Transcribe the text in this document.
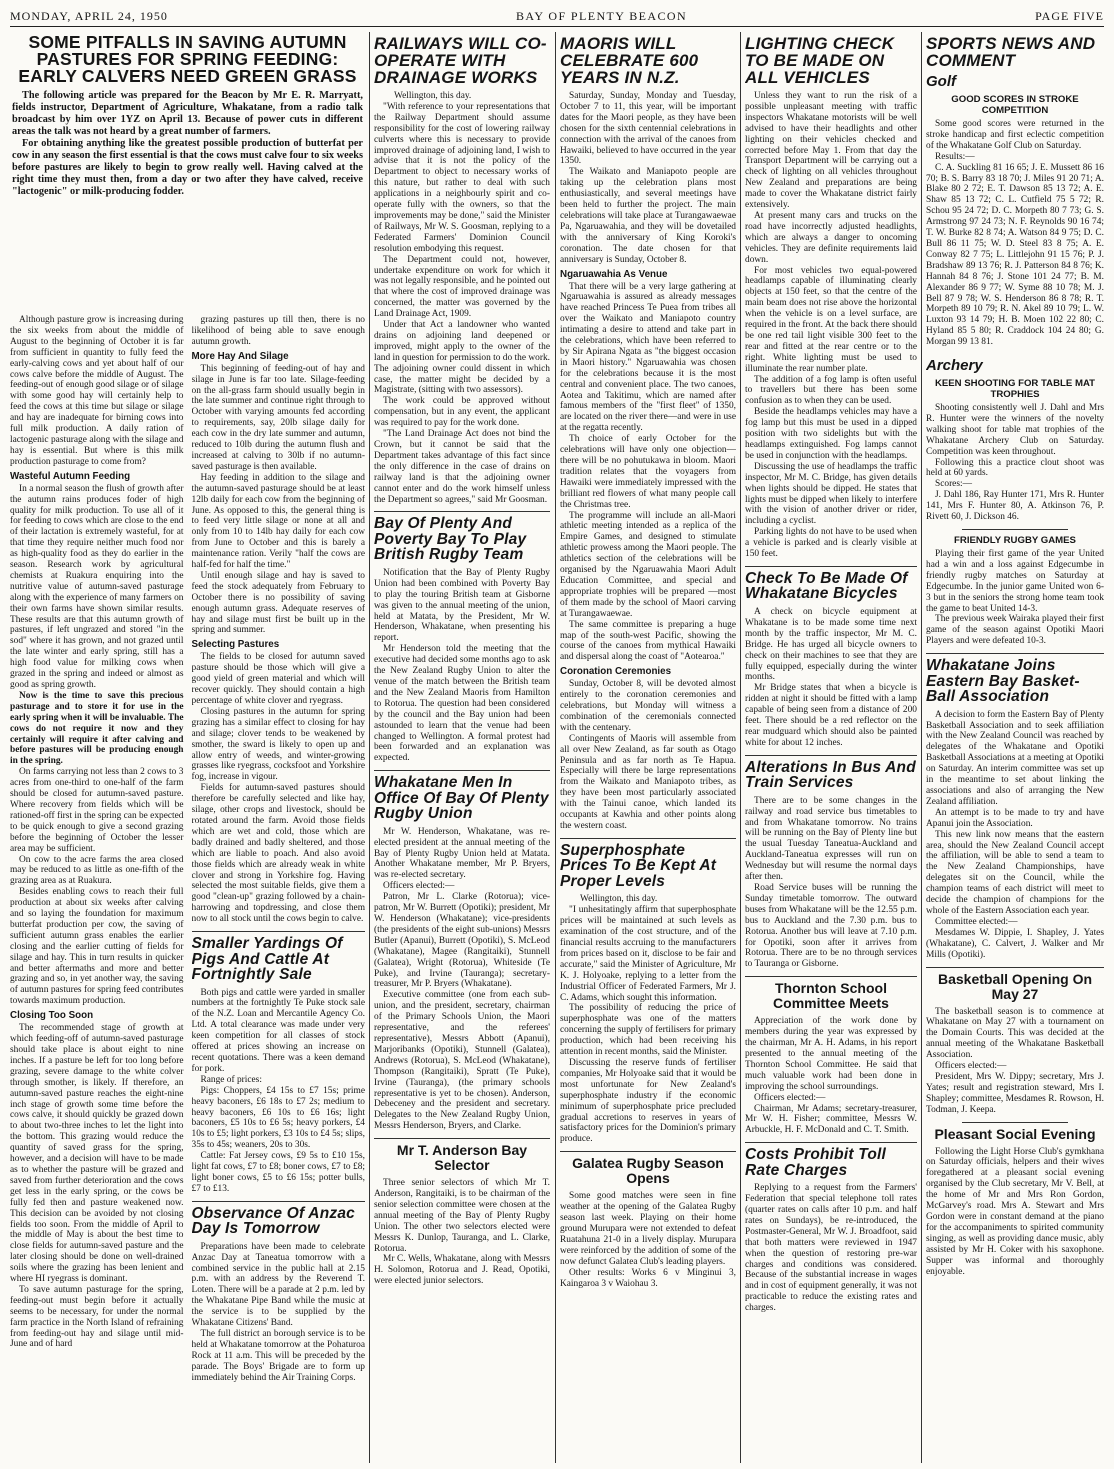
MONDAY, APRIL 24, 1950	BAY OF PLENTY BEACON	PAGE FIVE
SOME PITFALLS IN SAVING AUTUMN PASTURES FOR SPRING FEEDING: EARLY CALVERS NEED GREEN GRASS

The following article was prepared for the Beacon by Mr E. R. Marryatt, fields instructor, Department of Agriculture, Whakatane, from a radio talk broadcast by him over 1YZ on April 13. Because of power cuts in different areas the talk was not heard by a great number of farmers.

For obtaining anything like the greatest possible production of butterfat per cow in any season the first essential is that the cows must calve four to six weeks before pastures are likely to begin to grow really well. Having calved at the right time they must then, from a day or two after they have calved, receive "lactogenic" or milk-producing fodder.

Although pasture grow is increasing during the six weeks from about the middle of August to the beginning of October it is far from sufficient in quantity to fully feed the early-calving cows and yet about half of our cows calve before the middle of August. The feeding-out of enough good silage or of silage with some good hay will certainly help to feed the cows at this time but silage or silage and hay are inadequate for birning cows into full milk production. A daily ration of lactogenic pasturage along with the silage and hay is essential. But where is this milk production pasturage to come from?

Wasteful Autumn Feeding

In a normal season the flush of growth after the autumn rains produces foder of high quality for milk production. To use all of it for feeding to cows which are close to the end of their lactation is extremely wasteful, for at that time they require neither much food nor as high-quality food as they do earlier in the season. Research work by agricultural chemists at Ruakura enquiring into the nutritive value of autumn-saved pasturage along with the experience of many farmers on their own farms have shown similar results. These results are that this autumn growth of pastures, if left ungrazed and stored "in the sod" where it has grown, and not grazed until the late winter and early spring, still has a high food value for milking cows when grazed in the spring and indeed or almost as good as spring growth.

Now is the time to save this precious pasturage and to store it for use in the early spring when it will be invaluable. The cows do not require it now and they certainly will require it after calving and before pastures will be producing enough in the spring.

On farms carrying not less than 2 cows to 3 acres from one-third to one-half of the farm should be closed for autumn-saved pasture. Where recovery from fields which will be rationed-off first in the spring can be expected to be quick enough to give a second grazing before the beginning of October the lesser area may be sufficient.

On cow to the acre farms the area closed may be reduced to as little as one-fifth of the grazing area as at Ruakura.

Besides enabling cows to reach their full production at about six weeks after calving and so laying the foundation for maximum butterfat production per cow, the saving of sufficient autumn grass enables the earlier closing and the earlier cutting of fields for silage and hay. This in turn results in quicker and better aftermaths and more and better grazing and so, in yet another way, the saving of autumn pastures for spring feed contributes towards maximum production.

Closing Too Soon

The recommended stage of growth at which feeding-off of autumn-saved pasturage should take place is about eight to nine inches. If a pasture be left for too long before grazing, severe damage to the white colver through smother, is likely. If therefore, an autumn-saved pasture reaches the eight-nine inch stage of growth some time before the cows calve, it should quickly be grazed down to about two-three inches to let the light into the bottom. This grazing would reduce the quantity of saved grass for the spring, however, and a decision will have to be made as to whether the pasture will be grazed and saved from further deterioration and the cows get less in the early spring, or the cows be fully fed then and pasture weakened now. This decision can be avoided by not closing fields too soon. From the middle of April to the middle of May is about the best time to close fields for autumn-saved pasture and the later closing should be done on well-drained soils where the grazing has been lenient and where HI ryegrass is dominant.

To save autumn pasturage for the spring, feeding-out must begin before it actually seems to be necessary, for under the normal farm practice in the North Island of refraining from feeding-out hay and silage until mid-June and of hard

grazing pastures up till then, there is no likelihood of being able to save enough autumn growth.

More Hay And Silage

This beginning of feeding-out of hay and silage in June is far too late. Silage-feeding on the all-grass farm should usually begin in the late summer and continue right through to October with varying amounts fed according to requirements, say, 20lb silage daily for each cow in the dry late summer and autumn, reduced to 10lb during the autumn flush and increased at calving to 30lb if no autumn-saved pasturage is then available.

Hay feeding in addition to the silage and the autumn-saved pasturage should be at least 12lb daily for each cow from the beginning of June. As opposed to this, the general thing is to feed very little silage or none at all and only from 10 to 14lb hay daily for each cow from June to October and this is barely a maintenance ration. Verily "half the cows are half-fed for half the time."

Until enough silage and hay is saved to feed the stock adequately from February to October there is no possibility of saving enough autumn grass. Adequate reserves of hay and silage must first be built up in the spring and summer.

Selecting Pastures

The fields to be closed for autumn saved pasture should be those which will give a good yield of green material and which will recover quickly. They should contain a high percentage of white clover and ryegrass.

Closing pastures in the autumn for spring grazing has a similar effect to closing for hay and silage; clover tends to be weakened by smother, the sward is likely to open up and allow entry of weeds, and winter-growing grasses like ryegrass, cocksfoot and Yorkshire fog, increase in vigour.

Fields for autumn-saved pastures should therefore be carefully selected and like hay, silage, other crops and livestock, should be rotated around the farm. Avoid those fields which are wet and cold, those which are badly drained and badly sheltered, and those which are liable to poach. And also avoid those fields which are already weak in white clover and strong in Yorkshire fog. Having selected the most suitable fields, give them a good "clean-up" grazing followed by a chain-harrowing and topdressing, and close them now to all stock until the cows begin to calve.

Smaller Yardings Of Pigs And Cattle At Fortnightly Sale

Both pigs and cattle were yarded in smaller numbers at the fortnightly Te Puke stock sale of the N.Z. Loan and Mercantile Agency Co. Ltd. A total clearance was made under very keen competition for all classes of stock offered at prices showing an increase on recent quotations. There was a keen demand for pork.

Range of prices:

Pigs: Choppers, £4 15s to £7 15s; prime heavy baconers, £6 18s to £7 2s; medium to heavy baconers, £6 10s to £6 16s; light baconers, £5 10s to £6 5s; heavy porkers, £4 10s to £5; light porkers, £3 10s to £4 5s; slips, 35s to 45s; weaners, 20s to 30s.

Cattle: Fat Jersey cows, £9 5s to £10 15s, light fat cows, £7 to £8; boner cows, £7 to £8; light boner cows, £5 to £6 15s; potter bulls, £7 to £13.

Observance Of Anzac Day Is Tomorrow

Preparations have been made to celebrate Anzac Day at Taneatua tomorrow with a combined service in the public hall at 2.15 p.m. with an address by the Reverend T. Loten. There will be a parade at 2 p.m. led by the Whakatane Pipe Band while the music at the service is to be supplied by the Whakatane Citizens' Band.

The full district an borough service is to be held at Whakatane tomorrow at the Pohaturoa Rock at 11 a.m. This will be preceded by the parade. The Boys' Brigade are to form up immediately behind the Air Training Corps.

RAILWAYS WILL CO-OPERATE WITH DRAINAGE WORKS

Wellington, this day.

"With reference to your representations that the Railway Department should assume responsibility for the cost of lowering railway culverts where this is necessary to provide improved drainage of adjoining land, I wish to advise that it is not the policy of the Department to object to necessary works of this nature, but rather to deal with such applications in a neighbourly spirit and co-operate fully with the owners, so that the improvements may be done," said the Minister of Railways, Mr W. S. Goosman, replying to a Federated Farmers' Dominion Council resolution embodying this request.

The Department could not, however, undertake expenditure on work for which it was not legally responsible, and he pointed out that where the cost of improved drainage was concerned, the matter was governed by the Land Drainage Act, 1909.

Under that Act a landowner who wanted drains on adjoining land deepened or improved, might apply to the owner of the land in question for permission to do the work. The adjoining owner could dissent in which case, the matter might be decided by a Magistrate, (sitting with two assessors).

The work could be approved without compensation, but in any event, the applicant was required to pay for the work done.

"The Land Drainage Act does not bind the Crown, but it cannot be said that the Department takes advantage of this fact since the only difference in the case of drains on railway land is that the adjoining owner cannot enter and do the work himself unless the Department so agrees," said Mr Goosman.

Bay Of Plenty And Poverty Bay To Play British Rugby Team

Notification that the Bay of Plenty Rugby Union had been combined with Poverty Bay to play the touring British team at Gisborne was given to the annual meeting of the union, held at Matata, by the President, Mr W. Henderson, Whakatane, when presenting his report.

Mr Henderson told the meeting that the executive had decided some months ago to ask the New Zealand Rugby Union to alter the venue of the match between the British team and the New Zealand Maoris from Hamilton to Rotorua. The question had been considered by the council and the Bay union had been astounded to learn that the venue had been changed to Wellington. A formal protest had been forwarded and an explanation was expected.

Whakatane Men In Office Of Bay Of Plenty Rugby Union

Mr W. Henderson, Whakatane, was re-elected president at the annual meeting of the Bay of Plenty Rugby Union held at Matata. Another Whakatane member, Mr P. Bryers, was re-elected secretary.

Officers elected:—

Patron, Mr L. Clarke (Rotorua); vice-patron, Mr W. Burrett (Opotiki); president, Mr W. Henderson (Whakatane); vice-presidents (the presidents of the eight sub-unions) Messrs Butler (Apanui), Burrett (Opotiki), S. McLeod (Whakatane), Magee (Rangitaiki), Stunnell (Galatea), Wright (Rotorua), Whiteside (Te Puke), and Irvine (Tauranga); secretary-treasurer, Mr P. Bryers (Whakatane).

Executive committee (one from each sub-union, and the president, secretary, chairman of the Primary Schools Union, the Maori representative, and the referees' representative), Messrs Abbott (Apanui), Marjoribanks (Opotiki), Stunnell (Galatea), Andrews (Rotorua), S. McLeod (Whakatane), Thompson (Rangitaiki), Spratt (Te Puke), Irvine (Tauranga), (the primary schools representative is yet to be chosen). Anderson, Debeceney and the president and secretary. Delegates to the New Zealand Rugby Union, Messrs Henderson, Bryers, and Clarke.

Mr T. Anderson Bay Selector

Three senior selectors of which Mr T. Anderson, Rangitaiki, is to be chairman of the senior selection committee were chosen at the annual meeting of the Bay of Plenty Rugby Union. The other two selectors elected were Messrs K. Dunlop, Tauranga, and L. Clarke, Rotorua.

Mr C. Wells, Whakatane, along with Messrs H. Solomon, Rotorua and J. Read, Opotiki, were elected junior selectors.

MAORIS WILL CELEBRATE 600 YEARS IN N.Z.

Saturday, Sunday, Monday and Tuesday, October 7 to 11, this year, will be important dates for the Maori people, as they have been chosen for the sixth centennial celebrations in connection with the arrival of the canoes from Hawaiki, believed to have occurred in the year 1350.

The Waikato and Maniapoto people are taking up the celebration plans most enthusiastically, and several meetings have been held to further the project. The main celebrations will take place at Turangawaewae Pa, Ngaruawahia, and they will be dovetailed with the anniversary of King Koroki's coronation. The date chosen for that anniversary is Sunday, October 8.

Ngaruawahia As Venue

That there will be a very large gathering at Ngaruawahia is assured as already messages have reached Princess Te Puea from tribes all over the Waikato and Maniapoto country intimating a desire to attend and take part in the celebrations, which have been referred to by Sir Apirana Ngata as "the biggest occasion in Maori history." Ngaruawahia was chosen for the celebrations because it is the most central and convenient place. The two canoes, Aotea and Takitimu, which are named after famous members of the "first fleet" of 1350, are located on the river there—and were in use at the regatta recently.

Th choice of early October for the celebrations will have only one objection—there will be no pohutukawa in bloom. Maori tradition relates that the voyagers from Hawaiki were immediately impressed with the brilliant red flowers of what many people call the Christmas tree.

The programme will include an all-Maori athletic meeting intended as a replica of the Empire Games, and designed to stimulate athletic prowess among the Maori people. The athletics section of the celebrations will be organised by the Ngaruawahia Maori Adult Education Committee, and special and appropriate trophies will be prepared —most of them made by the school of Maori carving at Turangawaewae.

The same committee is preparing a huge map of the south-west Pacific, showing the course of the canoes from mythical Hawaiki and dispersal along the coast of "Aotearoa."

Coronation Ceremonies

Sunday, October 8, will be devoted almost entirely to the coronation ceremonies and celebrations, but Monday will witness a combination of the ceremonials connected with the centenary.

Contingents of Maoris will assemble from all over New Zealand, as far south as Otago Peninsula and as far north as Te Hapua. Especially will there be large representations from the Waikato and Maniapoto tribes, as they have been most particularly associated with the Tainui canoe, which landed its occupants at Kawhia and other points along the western coast.

Superphosphate Prices To Be Kept At Proper Levels

Wellington, this day.

"I unhesitatingly affirm that superphosphate prices will be maintained at such levels as examination of the cost structure, and of the financial results accruing to the manufacturers from prices based on it, disclose to be fair and accurate," said the Minister of Agriculture, Mr K. J. Holyoake, replying to a letter from the Industrial Officer of Federated Farmers, Mr J. C. Adams, which sought this information.

The possibility of reducing the price of superphosphate was one of the matters concerning the supply of fertilisers for primary production, which had been receiving his attention in recent months, said the Minister.

Discussing the reserve funds of fertiliser companies, Mr Holyoake said that it would be most unfortunate for New Zealand's superphosphate industry if the economic minimum of superphosphate price precluded gradual accretions to reserves in years of satisfactory prices for the Dominion's primary produce.

Galatea Rugby Season Opens

Some good matches were seen in fine weather at the opening of the Galatea Rugby season last week. Playing on their home ground Murupara were not extended to defeat Ruatahuna 21-0 in a lively display. Murupara were reinforced by the addition of some of the now defunct Galatea Club's leading players.

Other results: Works 6 v Minginui 3, Kaingaroa 3 v Waiohau 3.

LIGHTING CHECK TO BE MADE ON ALL VEHICLES

Unless they want to run the risk of a possible unpleasant meeting with traffic inspectors Whakatane motorists will be well advised to have their headlights and other lighting on their vehicles checked and corrected before May 1. From that day the Transport Department will be carrying out a check of lighting on all vehicles throughout New Zealand and preparations are being made to cover the Whakatane district fairly extensively.

At present many cars and trucks on the road have incorrectly adjusted headlights, which are always a danger to oncoming vehicles. They are definite requirements laid down.

For most vehicles two equal-powered headlamps capable of illuminating clearly objects at 150 feet, so that the centre of the main beam does not rise above the horizontal when the vehicle is on a level surface, are required in the front. At the back there should be one red tail light visible 300 feet to the rear and fitted at the rear centre or to the right. White lighting must be used to illuminate the rear number plate.

The addition of a fog lamp is often useful to travellers but there has been some confusion as to when they can be used.

Beside the headlamps vehicles may have a fog lamp but this must be used in a dipped position with two sidelights but with the headlamps extinguished. Fog lamps cannot be used in conjunction with the headlamps.

Discussing the use of headlamps the traffic inspector, Mr M. C. Bridge, has given details when lights should be dipped. He states that lights must be dipped when likely to interfere with the vision of another driver or rider, including a cyclist.

Parking lights do not have to be used when a vehicle is parked and is clearly visible at 150 feet.

Check To Be Made Of Whakatane Bicycles

A check on bicycle equipment at Whakatane is to be made some time next month by the traffic inspector, Mr M. C. Bridge. He has urged all bicycle owners to check on their machines to see that they are fully equipped, especially during the winter months.

Mr Bridge states that when a bicycle is ridden at night it should be fitted with a lamp capable of being seen from a distance of 200 feet. There should be a red reflector on the rear mudguard which should also be painted white for about 12 inches.

Alterations In Bus And Train Services

There are to be some changes in the railway and road service bus timetables to and from Whakatane tomorrow. No trains will be running on the Bay of Plenty line but the usual Tuesday Taneatua-Auckland and Auckland-Taneatua expresses will run on Wednesday but will resume the normal days after then.

Road Service buses will be running the Sunday timetable tomorrow. The outward buses from Whakatane will be the 12.55 p.m. bus to Auckland and the 7.30 p.m. bus to Rotorua. Another bus will leave at 7.10 p.m. for Opotiki, soon after it arrives from Rotorua. There are to be no through services to Tauranga or Gisborne.

Thornton School Committee Meets

Appreciation of the work done by members during the year was expressed by the chairman, Mr A. H. Adams, in his report presented to the annual meeting of the Thornton School Committee. He said that much valuable work had been done in improving the school surroundings.

Officers elected:—

Chairman, Mr Adams; secretary-treasurer, Mr W. H. Fisher; committee, Messrs W. Arbuckle, H. F. McDonald and C. T. Smith.

Costs Prohibit Toll Rate Charges

Replying to a request from the Farmers' Federation that special telephone toll rates (quarter rates on calls after 10 p.m. and half rates on Sundays), be re-introduced, the Postmaster-General, Mr W. J. Broadfoot, said that both matters were reviewed in 1947 when the question of restoring pre-war charges and conditions was considered. Because of the substantial increase in wages and in cost of equipment generally, it was not practicable to reduce the existing rates and charges.

SPORTS NEWS AND COMMENT
Golf
GOOD SCORES IN STROKE COMPETITION

Some good scores were returned in the stroke handicap and first eclectic competition of the Whakatane Golf Club on Saturday.

Results:—

C. A. Suckling 81 16 65; J. E. Mussett 86 16 70; B. S. Barry 83 18 70; J. Miles 91 20 71; A. Blake 80 2 72; E. T. Dawson 85 13 72; A. E. Shaw 85 13 72; C. L. Cutfield 75 5 72; R. Schou 95 24 72; D. C. Morpeth 80 7 73; G. S. Armstrong 97 24 73; N. F. Reynolds 90 16 74; T. W. Burke 82 8 74; A. Watson 84 9 75; D. C. Bull 86 11 75; W. D. Steel 83 8 75; A. E. Conway 82 7 75; L. Littlejohn 91 15 76; P. J. Bradshaw 89 13 76; R. J. Patterson 84 8 76; K. Hannah 84 8 76; J. Stone 101 24 77; B. M. Alexander 86 9 77; W. Syme 88 10 78; M. J. Bell 87 9 78; W. S. Henderson 86 8 78; R. T. Morpeth 89 10 79; R. N. Akel 89 10 79; L. W. Luxton 93 14 79; H. B. Moen 102 22 80; C. Hyland 85 5 80; R. Craddock 104 24 80; G. Morgan 99 13 81.

Archery
KEEN SHOOTING FOR TABLE MAT TROPHIES

Shooting consistently well J. Dahl and Mrs R. Hunter were the winners of the novelty walking shoot for table mat trophies of the Whakatane Archery Club on Saturday. Competition was keen throughout.

Following this a practice clout shoot was held at 60 yards.

Scores:—

J. Dahl 186, Ray Hunter 171, Mrs R. Hunter 141, Mrs F. Hunter 80, A. Atkinson 76, P. Rivett 60, J. Dickson 46.

FRIENDLY RUGBY GAMES

Playing their first game of the year United had a win and a loss against Edgecumbe in friendly rugby matches on Saturday at Edgecumbe. In the junior game United won 6-3 but in the seniors the strong home team took the game to beat United 14-3.

The previous week Wairaka played their first game of the season against Opotiki Maori Players and were defeated 10-3.

Whakatane Joins Eastern Bay Basket-Ball Association

A decision to form the Eastern Bay of Plenty Basketball Association and to seek affiliation with the New Zealand Council was reached by delegates of the Whakatane and Opotiki Basketball Associations at a meeting at Opotiki on Saturday. An interim committee was set up in the meantime to set about linking the associations and also of arranging the New Zealand affiliation.

An attempt is to be made to try and have Apanui join the Association.

This new link now means that the eastern area, should the New Zealand Council accept the affiliation, will be able to send a team to the New Zealand Championships, have delegates sit on the Council, while the champion teams of each district will meet to decide the champion of champions for the whole of the Eastern Association each year.

Committee elected:—

Mesdames W. Dippie, I. Shapley, J. Yates (Whakatane), C. Calvert, J. Walker and Mr Mills (Opotiki).

Basketball Opening On May 27

The basketball season is to commence at Whakatane on May 27 with a tournament on the Domain Courts. This was decided at the annual meeting of the Whakatane Basketball Association.

Officers elected:—

President, Mrs W. Dippy; secretary, Mrs J. Yates; result and registration steward, Mrs I. Shapley; committee, Mesdames R. Rowson, H. Todman, J. Keepa.

Pleasant Social Evening

Following the Light Horse Club's gymkhana on Saturday officials, helpers and their wives foregathered at a pleasant social evening organised by the Club secretary, Mr V. Bell, at the home of Mr and Mrs Ron Gordon, McGarvey's road. Mrs A. Stewart and Mrs Gordon were in constant demand at the piano for the accompaniments to spirited community singing, as well as providing dance music, ably assisted by Mr H. Coker with his saxophone. Supper was informal and thoroughly enjoyable.
